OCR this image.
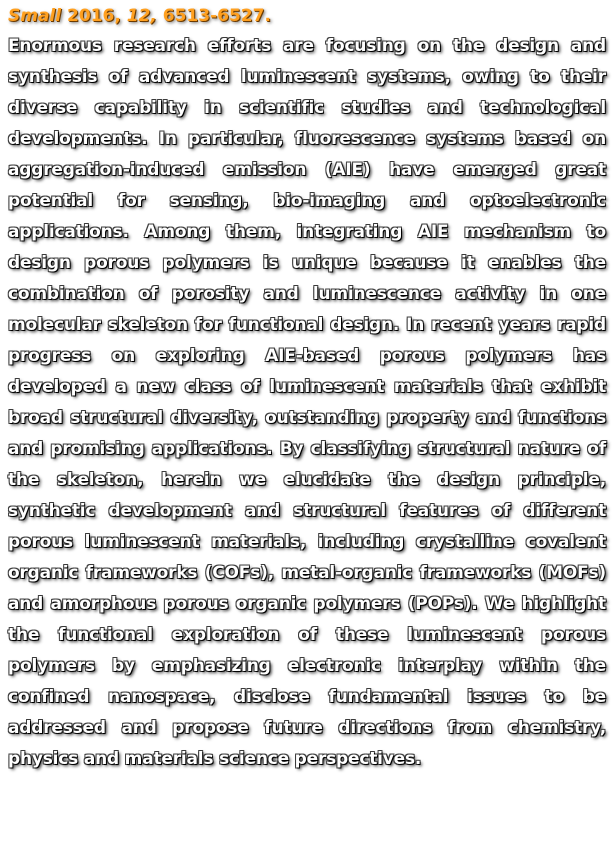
Small 2016, 12, 6513-6527.

Enormous research efforts are focusing on the design and synthesis of advanced luminescent systems, owing to their diverse capability in scientific studies and technological developments. In particular, fluorescence systems based on aggregation-induced emission (AIE) have emerged great potential for sensing, bio-imaging and optoelectronic applications. Among them, integrating AIE mechanism to design porous polymers is unique because it enables the combination of porosity and luminescence activity in one molecular skeleton for functional design. In recent years rapid progress on exploring AIE-based porous polymers has developed a new class of luminescent materials that exhibit broad structural diversity, outstanding property and functions and promising applications. By classifying structural nature of the skeleton, herein we elucidate the design principle, synthetic development and structural features of different porous luminescent materials, including crystalline covalent organic frameworks (COFs), metal-organic frameworks (MOFs) and amorphous porous organic polymers (POPs). We highlight the functional exploration of these luminescent porous polymers by emphasizing electronic interplay within the confined nanospace, disclose fundamental issues to be addressed and propose future directions from chemistry, physics and materials science perspectives.
